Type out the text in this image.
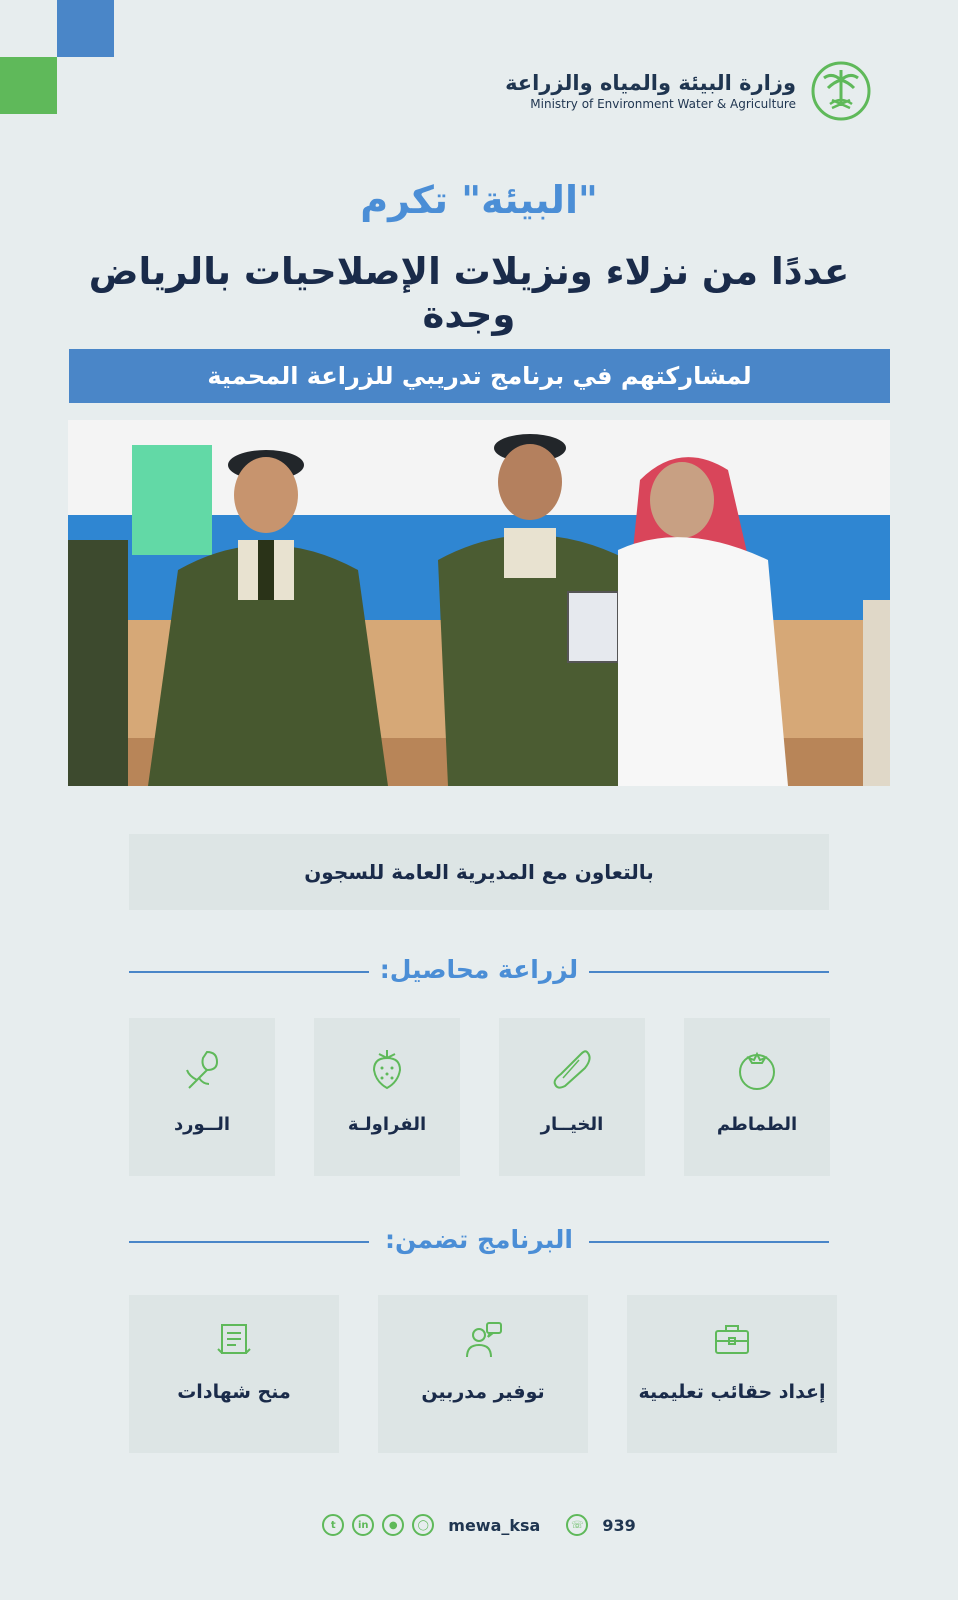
وزارة البيئة والمياه والزراعة
Ministry of Environment Water & Agriculture
"البيئة" تكرم
عددًا من نزلاء ونزيلات الإصلاحيات بالرياض وجدة
لمشاركتهم في برنامج تدريبي للزراعة المحمية
بالتعاون مع المديرية العامة للسجون
لزراعة محاصيل:
الــورد	الفراولـة	الخيــار	الطماطم
البرنامج تضمن:
منح شهادات	توفير مدربين	إعداد حقائب تعليمية
t	in	●	◯	mewa_ksa	☏ 939
